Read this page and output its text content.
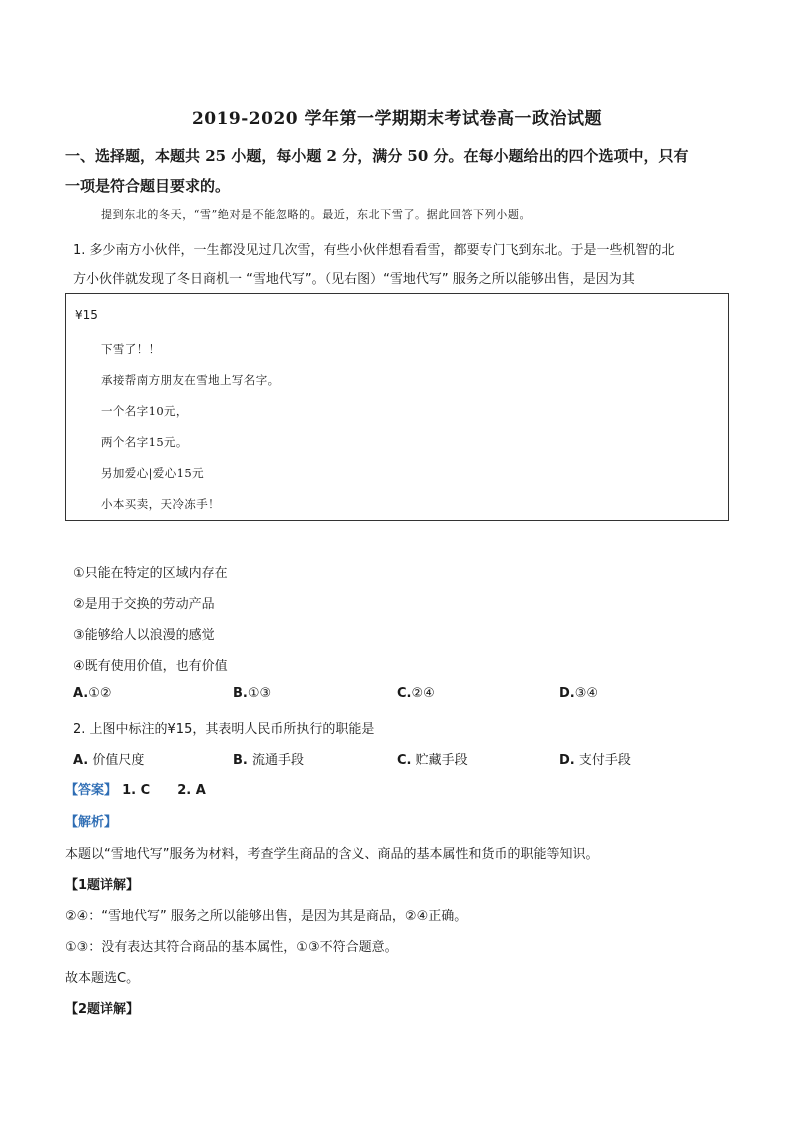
2019-2020 学年第一学期期末考试卷高一政治试题
一、选择题，本题共 25 小题，每小题 2 分，满分 50 分。在每小题给出的四个选项中，只有
一项是符合题目要求的。
提到东北的冬天，“雪”绝对是不能忽略的。最近，东北下雪了。据此回答下列小题。
1. 多少南方小伙伴，一生都没见过几次雪，有些小伙伴想看看雪，都要专门飞到东北。于是一些机智的北
方小伙伴就发现了冬日商机一 “雪地代写”。（见右图）“雪地代写” 服务之所以能够出售，是因为其
¥15
下雪了！！
承接帮南方朋友在雪地上写名字。
一个名字10元，
两个名字15元。
另加爱心|爱心15元
小本买卖，天冷冻手！
①只能在特定的区域内存在
②是用于交换的劳动产品
③能够给人以浪漫的感觉
④既有使用价值，也有价值
A.①②	B.①③	C.②④	D.③④
2. 上图中标注的¥15，其表明人民币所执行的职能是
A. 价值尺度	B. 流通手段	C. 贮藏手段	D. 支付手段
【答案】 1. C 2. A
【解析】
本题以“雪地代写”服务为材料，考查学生商品的含义、商品的基本属性和货币的职能等知识。
【1题详解】
②④：“雪地代写” 服务之所以能够出售，是因为其是商品，②④正确。
①③：没有表达其符合商品的基本属性，①③不符合题意。
故本题选C。
【2题详解】
